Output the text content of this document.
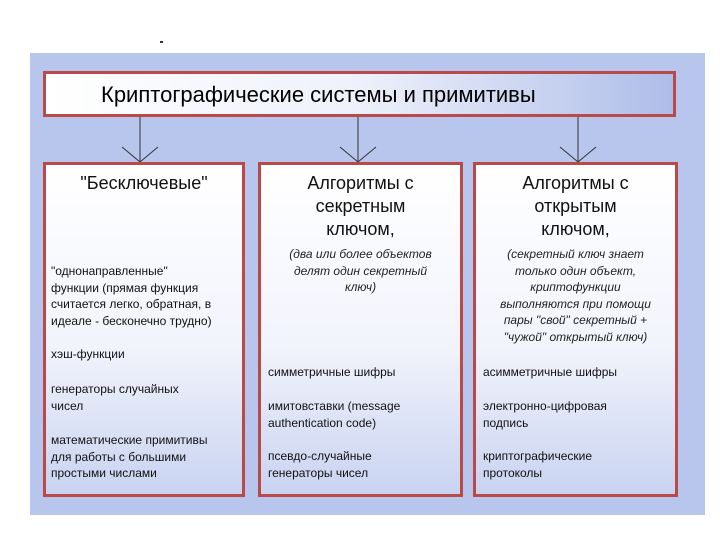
Криптографические системы и примитивы
"Бесключевые"
"однонаправленные"
функции (прямая функция
считается легко, обратная, в
идеале - бесконечно трудно)
хэш-функции
генераторы случайных
чисел
математические примитивы
для работы с большими
простыми числами
Алгоритмы с
секретным
ключом,
(два или более объектов
делят один секретный
ключ)
симметричные шифры
имитовставки (message
authentication code)
псевдо-случайные
генераторы чисел
Алгоритмы с
открытым
ключом,
(секретный ключ знает
только один объект,
криптофункции
выполняются при помощи
пары "свой" секретный +
"чужой" открытый ключ)
асимметричные шифры
электронно-цифровая
подпись
криптографические
протоколы
